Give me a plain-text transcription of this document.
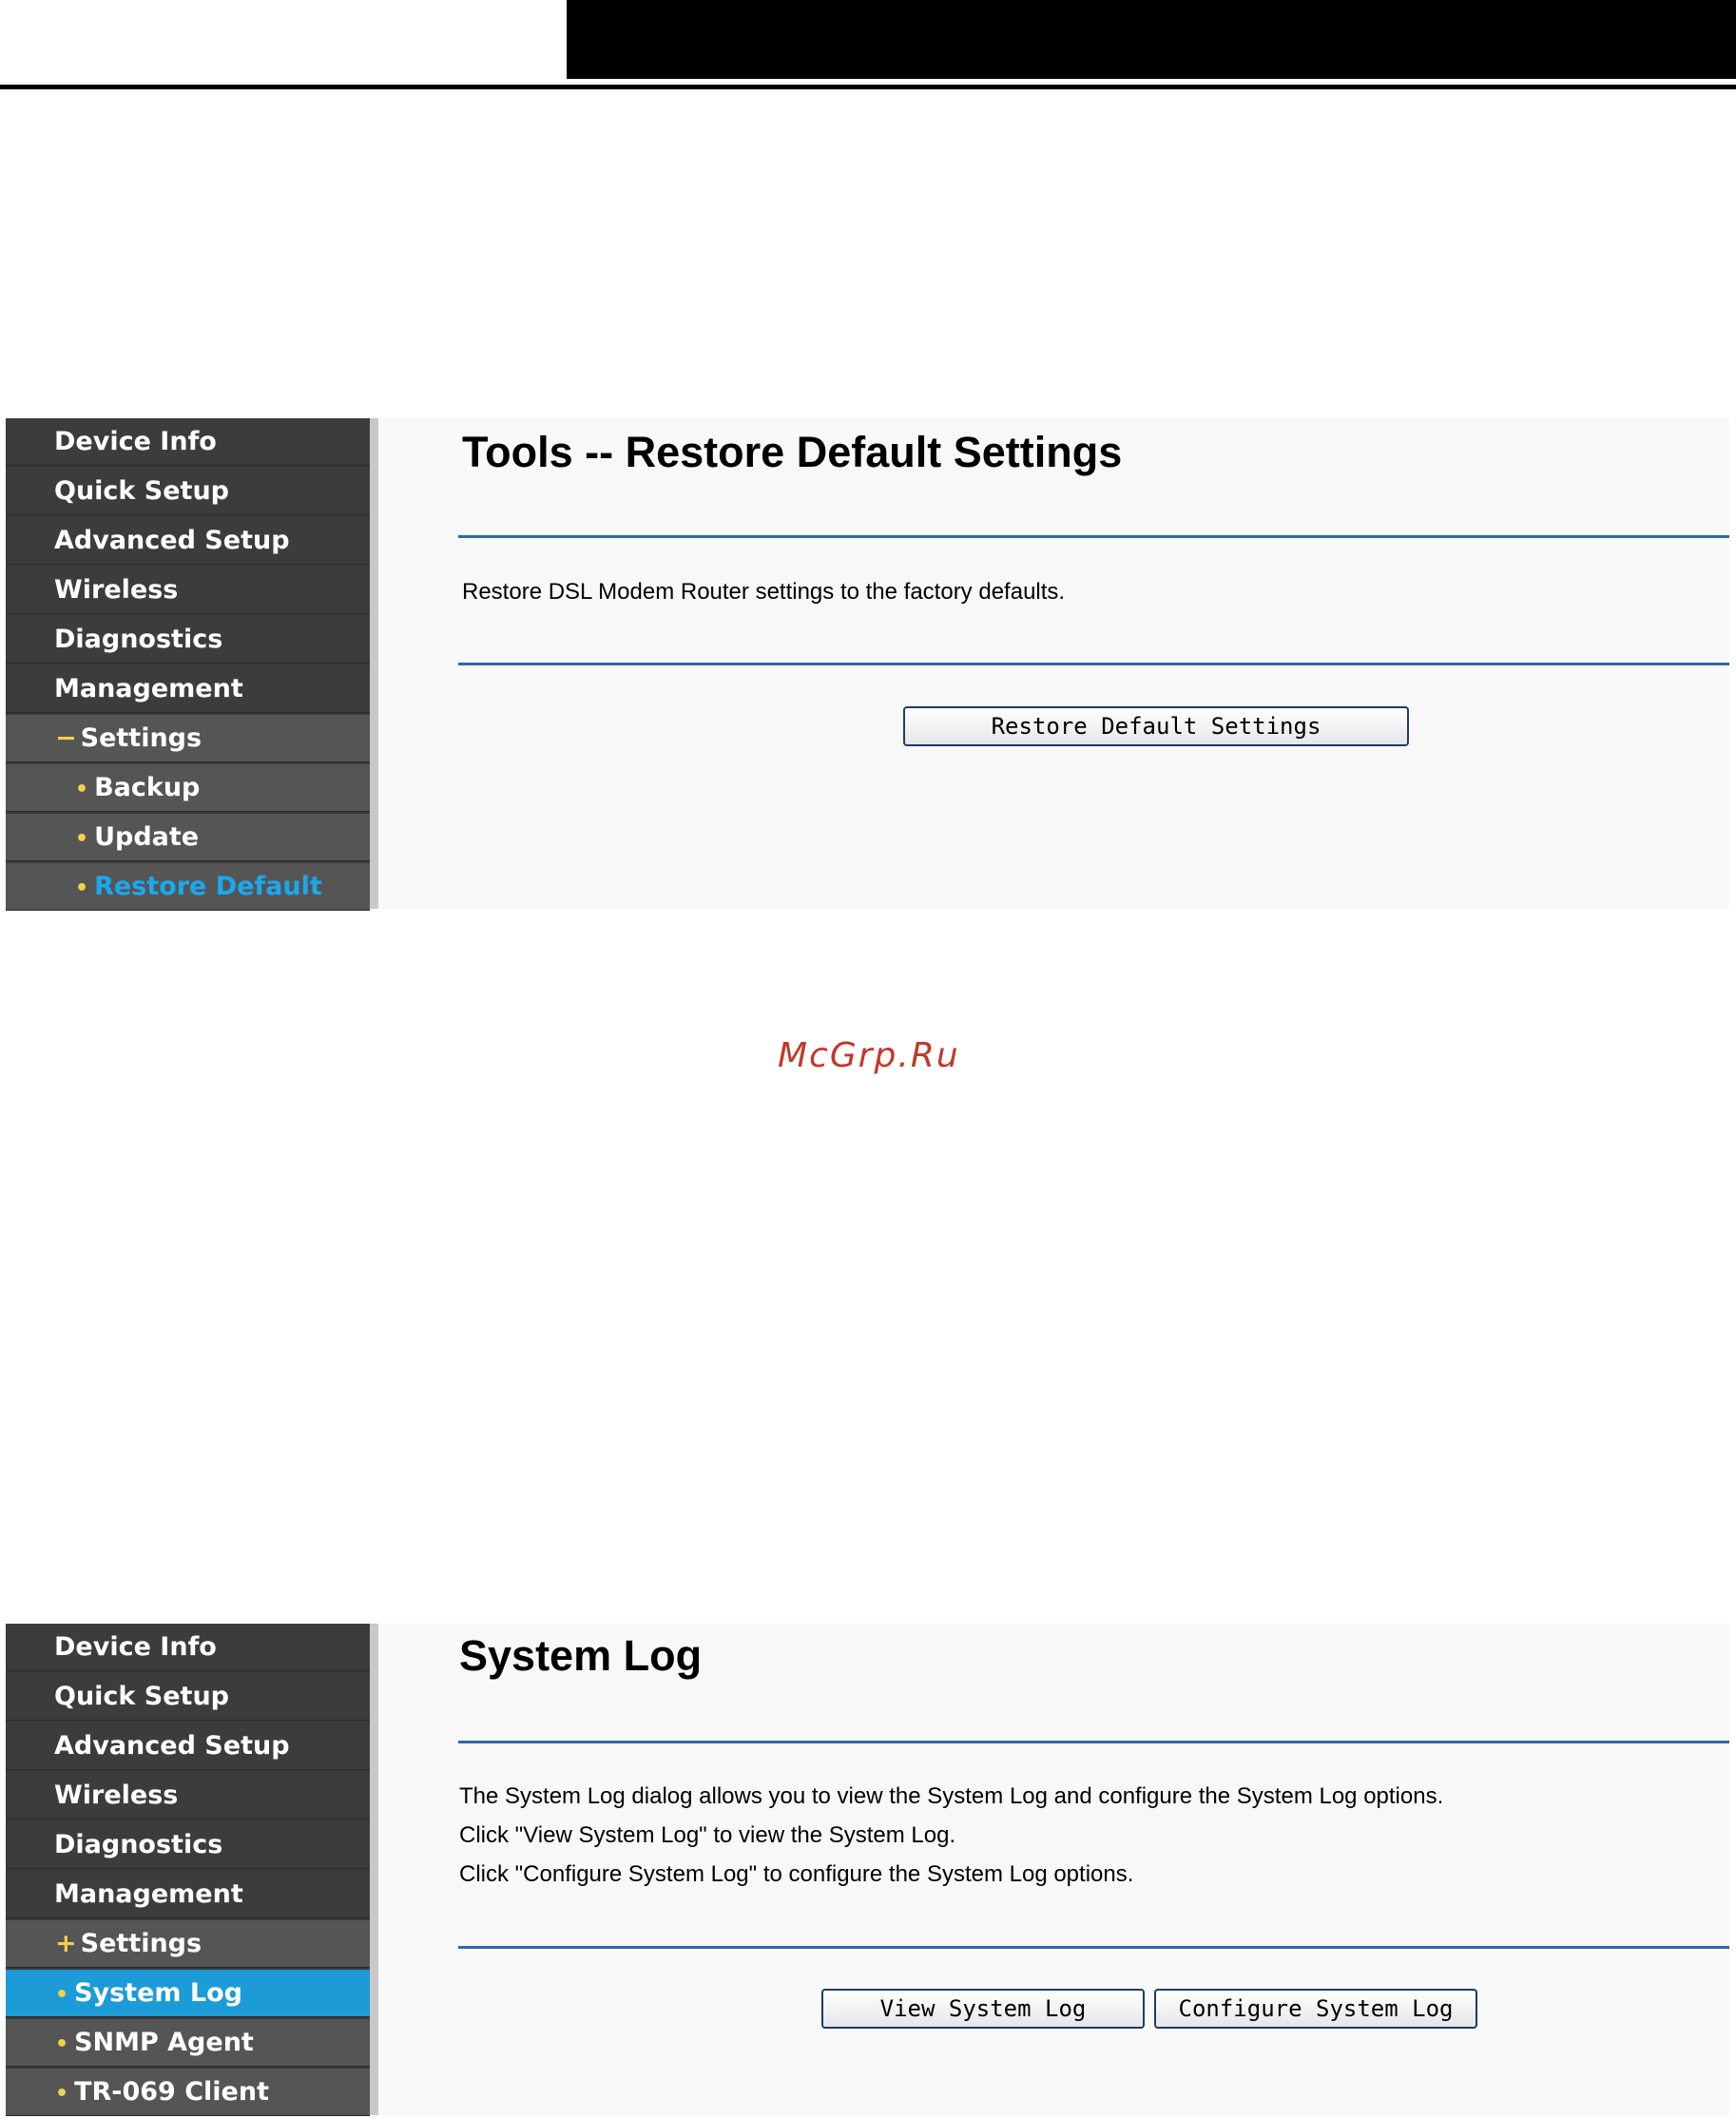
Device Info
Quick Setup
Advanced Setup
Wireless
Diagnostics
Management
− Settings
• Backup
• Update
• Restore Default
Tools -- Restore Default Settings
Restore DSL Modem Router settings to the factory defaults.
Restore Default Settings
McGrp.Ru
Device Info
Quick Setup
Advanced Setup
Wireless
Diagnostics
Management
+ Settings
• System Log
• SNMP Agent
• TR-069 Client
System Log
The System Log dialog allows you to view the System Log and configure the System Log options.
Click "View System Log" to view the System Log.
Click "Configure System Log" to configure the System Log options.
View System Log	Configure System Log
